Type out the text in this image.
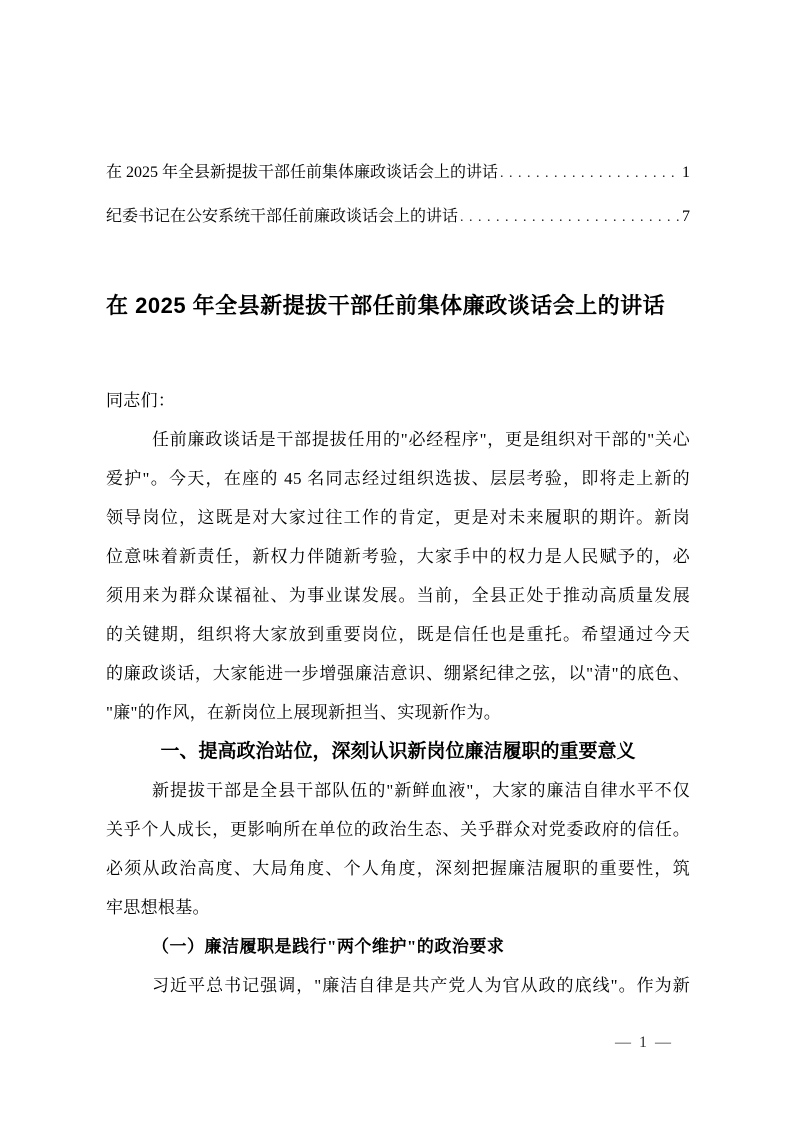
在 2025 年全县新提拔干部任前集体廉政谈话会上的讲话 . . .	1
纪委书记在公安系统干部任前廉政谈话会上的讲话 . . .	7
在 2025 年全县新提拔干部任前集体廉政谈话会上的讲话

同志们：

任前廉政谈话是干部提拔任用的"必经程序"，更是组织对干部的"关心

爱护"。今天，在座的 45 名同志经过组织选拔、层层考验，即将走上新的

领导岗位，这既是对大家过往工作的肯定，更是对未来履职的期许。新岗

位意味着新责任，新权力伴随新考验，大家手中的权力是人民赋予的，必

须用来为群众谋福祉、为事业谋发展。当前，全县正处于推动高质量发展

的关键期，组织将大家放到重要岗位，既是信任也是重托。希望通过今天

的廉政谈话，大家能进一步增强廉洁意识、绷紧纪律之弦，以"清"的底色、

"廉"的作风，在新岗位上展现新担当、实现新作为。

一、提高政治站位，深刻认识新岗位廉洁履职的重要意义

新提拔干部是全县干部队伍的"新鲜血液"，大家的廉洁自律水平不仅

关乎个人成长，更影响所在单位的政治生态、关乎群众对党委政府的信任。

必须从政治高度、大局角度、个人角度，深刻把握廉洁履职的重要性，筑

牢思想根基。

（一）廉洁履职是践行"两个维护"的政治要求

习近平总书记强调，"廉洁自律是共产党人为官从政的底线"。作为新

— 1 —
